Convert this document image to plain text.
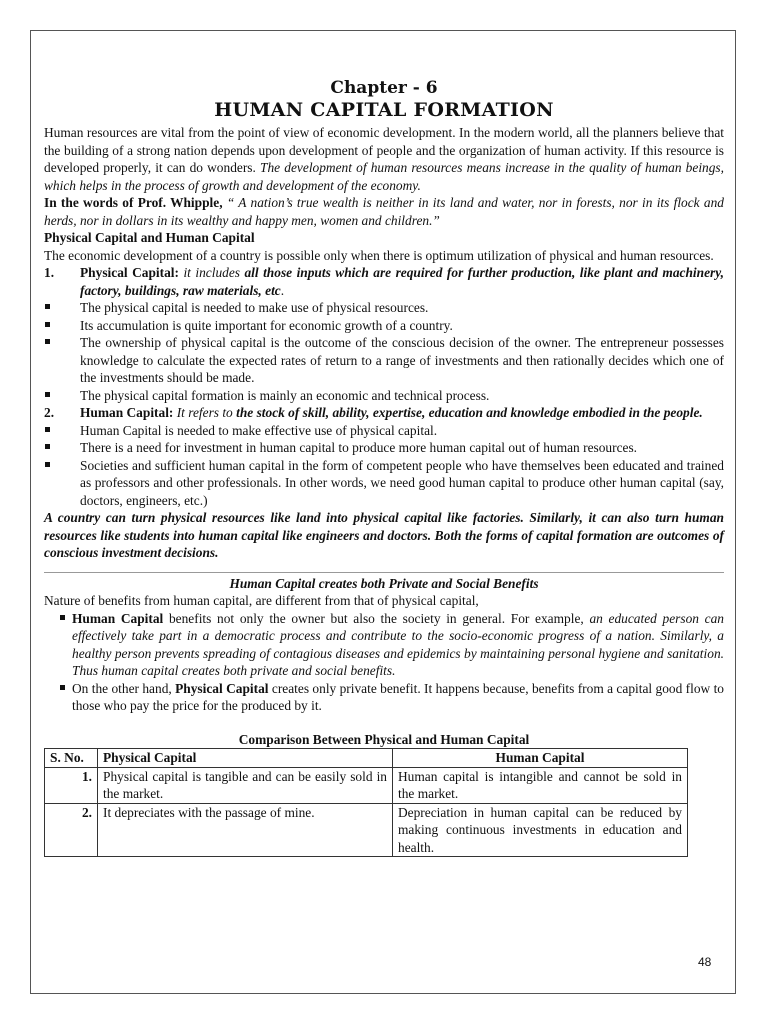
Chapter - 6
HUMAN CAPITAL FORMATION

Human resources are vital from the point of view of economic development. In the modern world, all the planners believe that the building of a strong nation depends upon development of people and the organization of human activity. If this resource is developed properly, it can do wonders. The development of human resources means increase in the quality of human beings, which helps in the process of growth and development of the economy.

In the words of Prof. Whipple, “ A nation’s true wealth is neither in its land and water, nor in forests, nor in its flock and herds, nor in dollars in its wealthy and happy men, women and children.”

Physical Capital and Human Capital

The economic development of a country is possible only when there is optimum utilization of physical and human resources.

1.	Physical Capital: it includes all those inputs which are required for further production, like plant and machinery, factory, buildings, raw materials, etc.
The physical capital is needed to make use of physical resources.
Its accumulation is quite important for economic growth of a country.
The ownership of physical capital is the outcome of the conscious decision of the owner. The entrepreneur possesses knowledge to calculate the expected rates of return to a range of investments and then rationally decides which one of the investments should be made.
The physical capital formation is mainly an economic and technical process.
2.	Human Capital: It refers to the stock of skill, ability, expertise, education and knowledge embodied in the people.
Human Capital is needed to make effective use of physical capital.
There is a need for investment in human capital to produce more human capital out of human resources.
Societies and sufficient human capital in the form of competent people who have themselves been educated and trained as professors and other professionals. In other words, we need good human capital to produce other human capital (say, doctors, engineers, etc.)

A country can turn physical resources like land into physical capital like factories. Similarly, it can also turn human resources like students into human capital like engineers and doctors. Both the forms of capital formation are outcomes of conscious investment decisions.

Human Capital creates both Private and Social Benefits

Nature of benefits from human capital, are different from that of physical capital,

Human Capital benefits not only the owner but also the society in general. For example, an educated person can effectively take part in a democratic process and contribute to the socio-economic progress of a nation. Similarly, a healthy person prevents spreading of contagious diseases and epidemics by maintaining personal hygiene and sanitation. Thus human capital creates both private and social benefits.
On the other hand, Physical Capital creates only private benefit. It happens because, benefits from a capital good flow to those who pay the price for the produced by it.

Comparison Between Physical and Human Capital

S. No.	Physical Capital	Human Capital
1.	Physical capital is tangible and can be easily sold in the market.	Human capital is intangible and cannot be sold in the market.
2.	It depreciates with the passage of mine.	Depreciation in human capital can be reduced by making continuous investments in education and health.
48
